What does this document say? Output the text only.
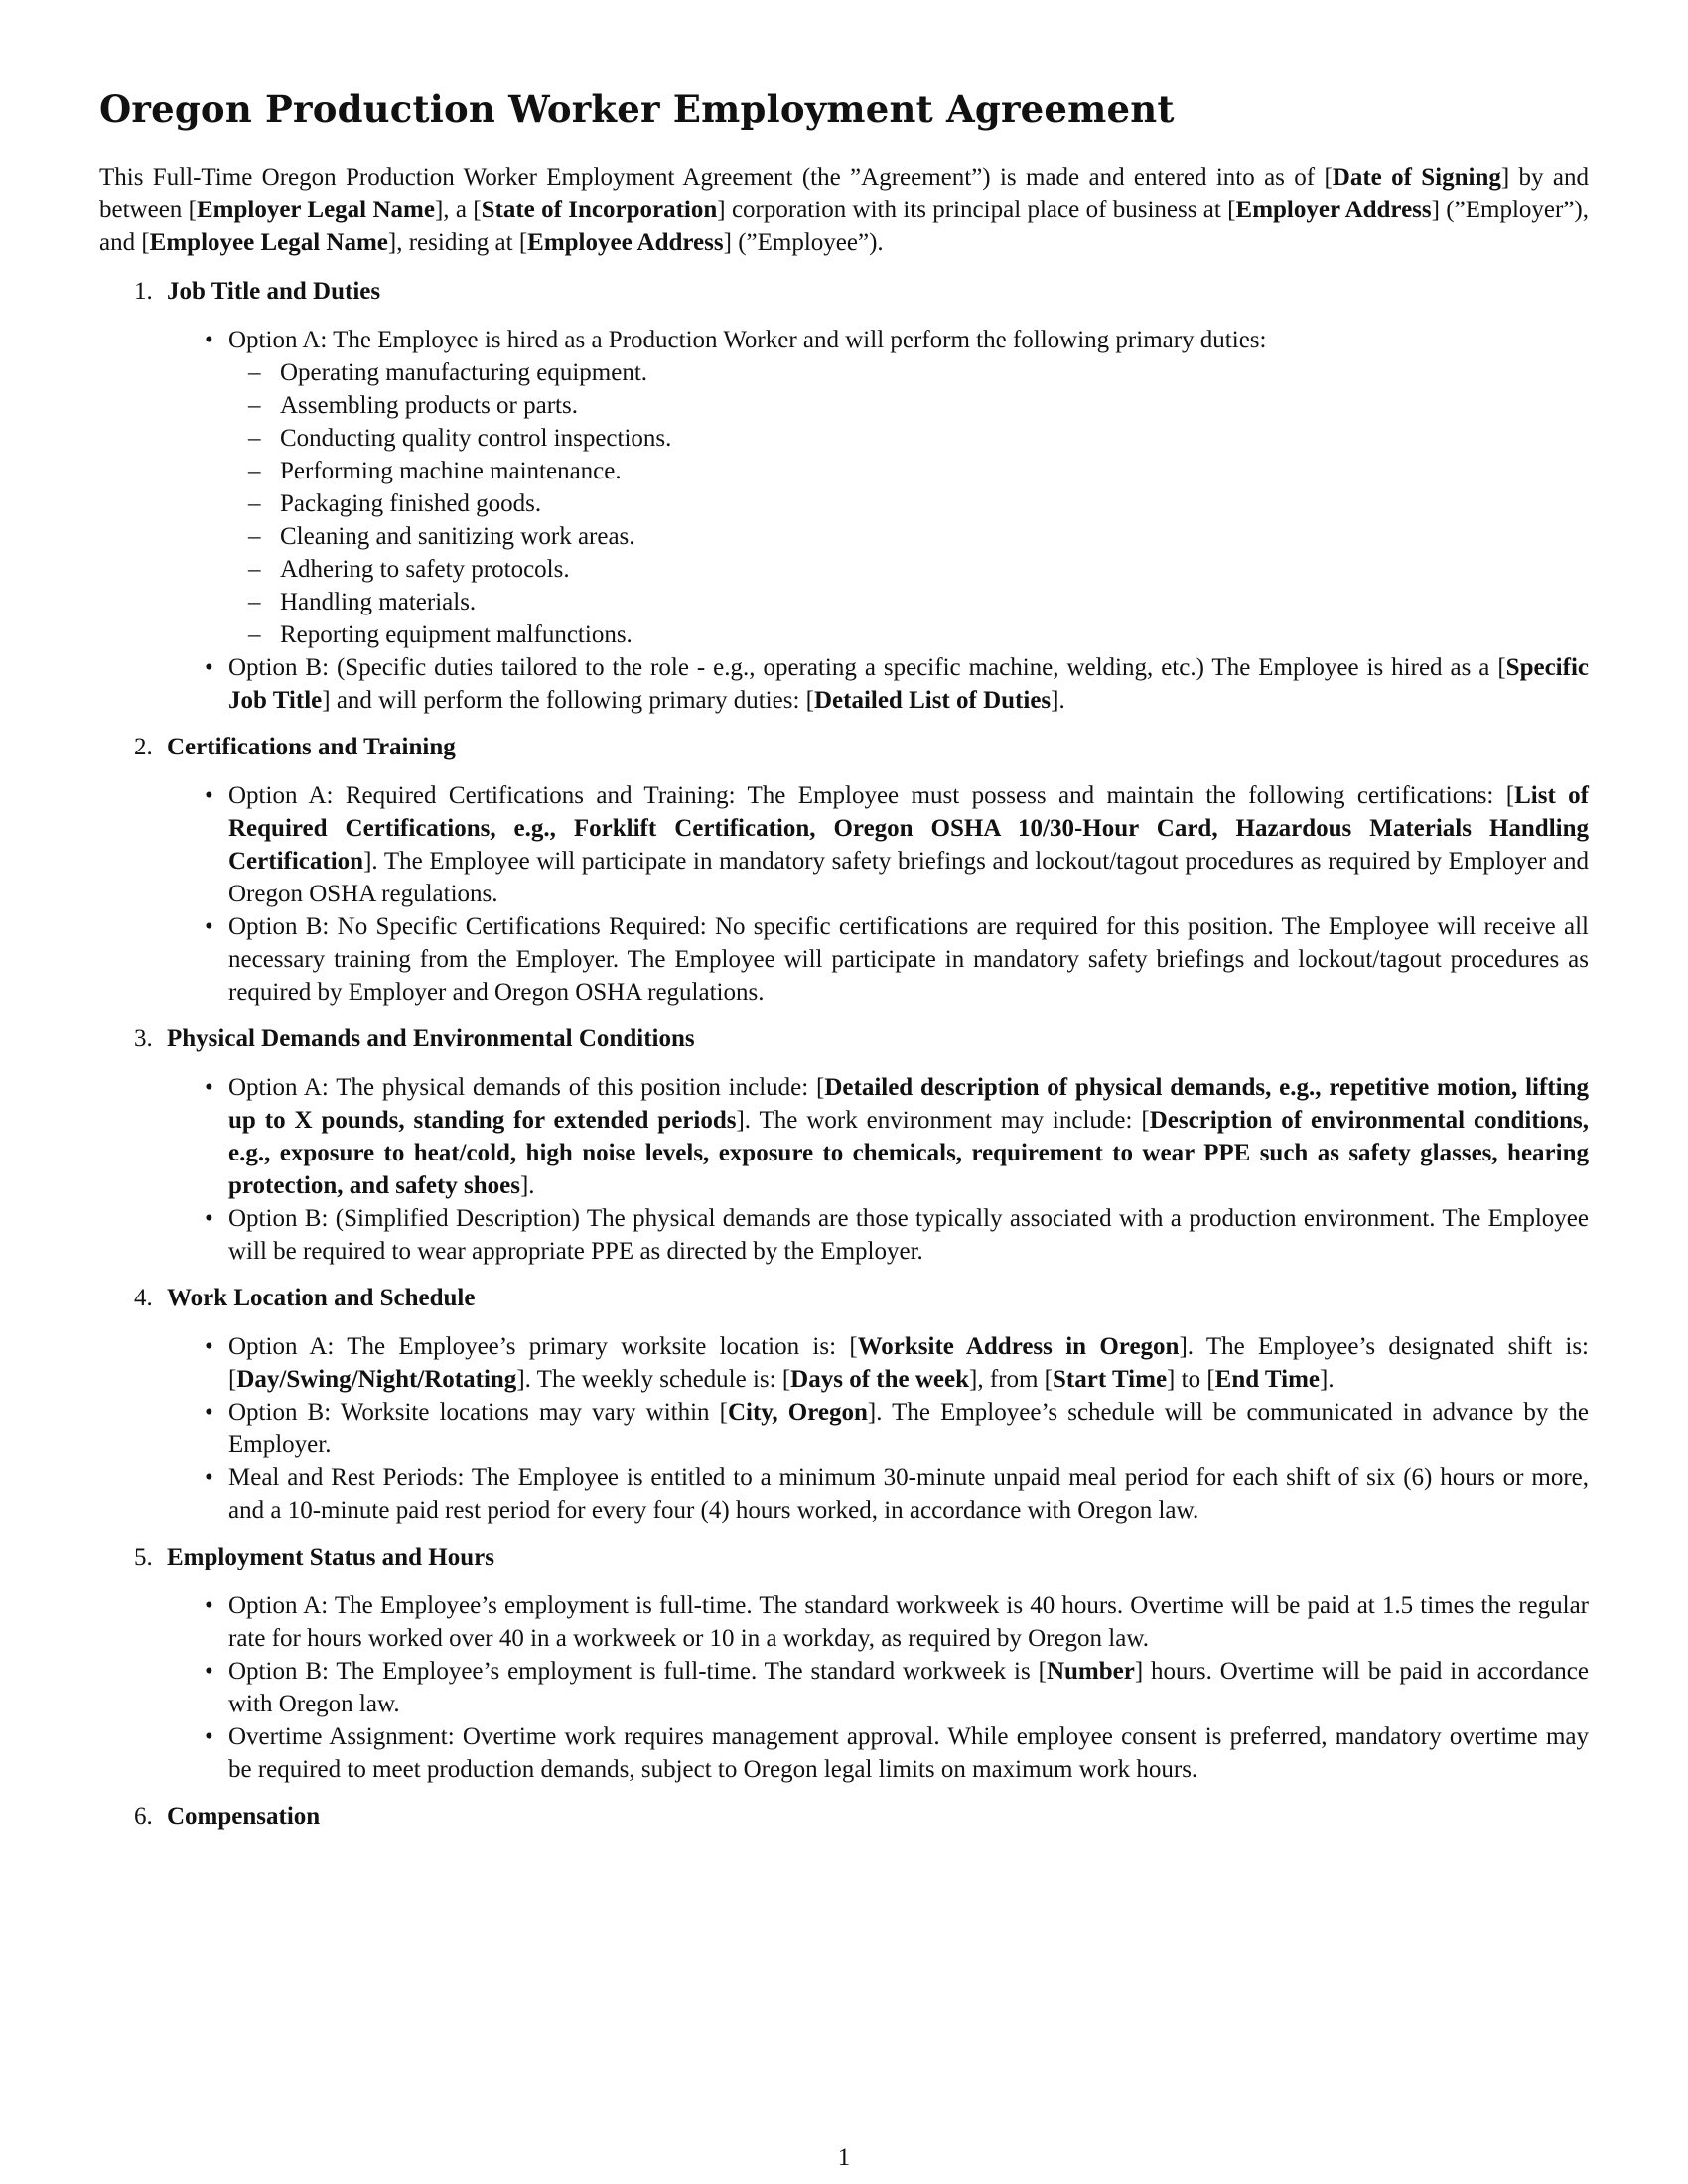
Oregon Production Worker Employment Agreement

This Full-Time Oregon Production Worker Employment Agreement (the ”Agreement”) is made and entered into as of [Date of Signing] by and between [Employer Legal Name], a [State of Incorporation] corporation with its principal place of business at [Employer Address] (”Employer”), and [Employee Legal Name], residing at [Employee Address] (”Employee”).

1. Job Title and Duties
• Option A: The Employee is hired as a Production Worker and will perform the following primary duties:
– Operating manufacturing equipment.
– Assembling products or parts.
– Conducting quality control inspections.
– Performing machine maintenance.
– Packaging finished goods.
– Cleaning and sanitizing work areas.
– Adhering to safety protocols.
– Handling materials.
– Reporting equipment malfunctions.
• Option B: (Specific duties tailored to the role - e.g., operating a specific machine, welding, etc.) The Employee is hired as a [Specific Job Title] and will perform the following primary duties: [Detailed List of Duties].
2. Certifications and Training
• Option A: Required Certifications and Training: The Employee must possess and maintain the following certifications: [List of Required Certifications, e.g., Forklift Certification, Oregon OSHA 10/30-Hour Card, Hazardous Materials Handling Certification]. The Employee will participate in mandatory safety briefings and lockout/tagout procedures as required by Employer and Oregon OSHA regulations.
• Option B: No Specific Certifications Required: No specific certifications are required for this position. The Employee will receive all necessary training from the Employer. The Employee will participate in mandatory safety briefings and lockout/tagout procedures as required by Employer and Oregon OSHA regulations.
3. Physical Demands and Environmental Conditions
• Option A: The physical demands of this position include: [Detailed description of physical demands, e.g., repetitive motion, lifting up to X pounds, standing for extended periods]. The work environment may include: [Description of environmental conditions, e.g., exposure to heat/cold, high noise levels, exposure to chemicals, requirement to wear PPE such as safety glasses, hearing protection, and safety shoes].
• Option B: (Simplified Description) The physical demands are those typically associated with a production environment. The Employee will be required to wear appropriate PPE as directed by the Employer.
4. Work Location and Schedule
• Option A: The Employee’s primary worksite location is: [Worksite Address in Oregon]. The Employee’s designated shift is: [Day/Swing/Night/Rotating]. The weekly schedule is: [Days of the week], from [Start Time] to [End Time].
• Option B: Worksite locations may vary within [City, Oregon]. The Employee’s schedule will be communicated in advance by the Employer.
• Meal and Rest Periods: The Employee is entitled to a minimum 30-minute unpaid meal period for each shift of six (6) hours or more, and a 10-minute paid rest period for every four (4) hours worked, in accordance with Oregon law.
5. Employment Status and Hours
• Option A: The Employee’s employment is full-time. The standard workweek is 40 hours. Overtime will be paid at 1.5 times the regular rate for hours worked over 40 in a workweek or 10 in a workday, as required by Oregon law.
• Option B: The Employee’s employment is full-time. The standard workweek is [Number] hours. Overtime will be paid in accordance with Oregon law.
• Overtime Assignment: Overtime work requires management approval. While employee consent is preferred, mandatory overtime may be required to meet production demands, subject to Oregon legal limits on maximum work hours.
6. Compensation
1
